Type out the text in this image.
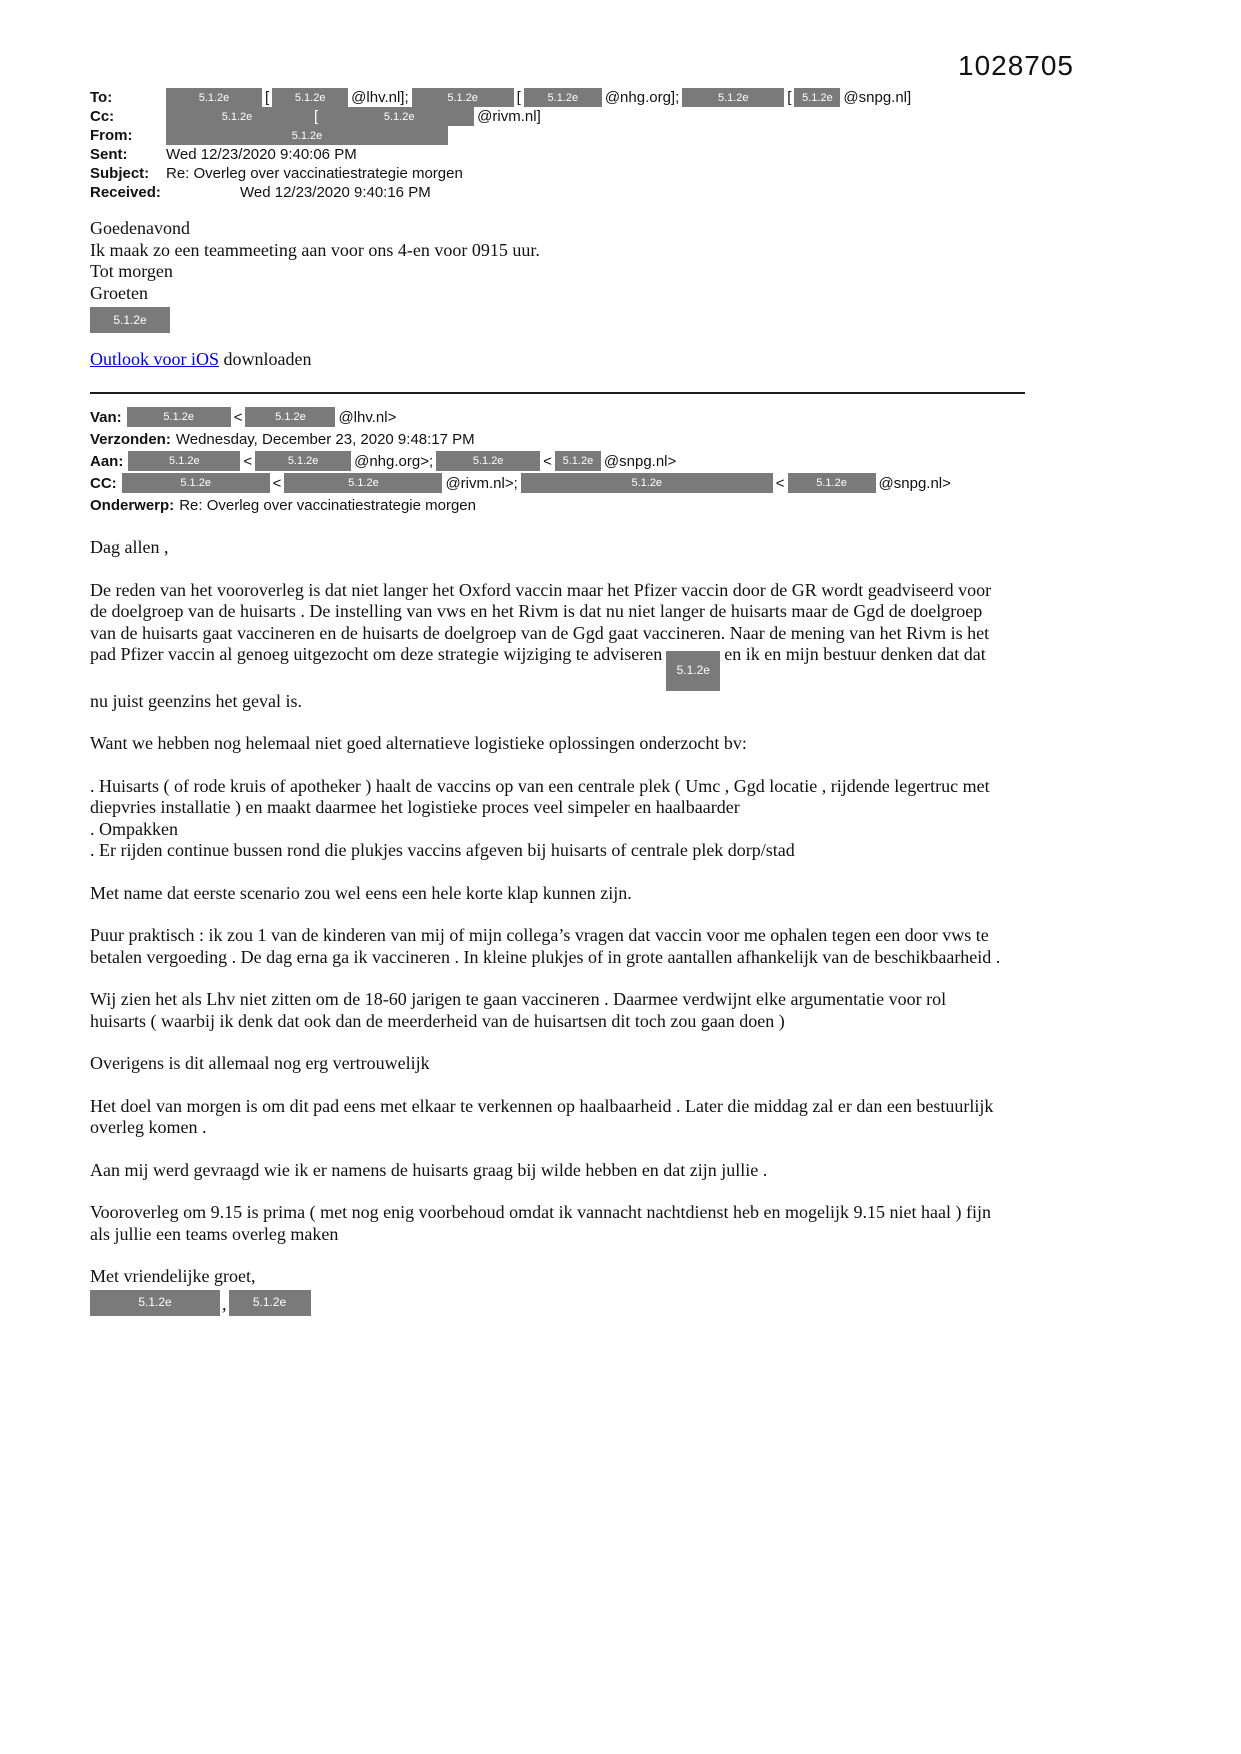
1028705
To:	5.1.2e	[	5.1.2e	@lhv.nl];	5.1.2e	[	5.1.2e	@nhg.org];	5.1.2e	[ 5.1.2e @snpg.nl]
Cc:	5.1.2e	[	5.1.2e	@rivm.nl]
From:	5.1.2e
Sent:	Wed 12/23/2020 9:40:06 PM
Subject:	Re: Overleg over vaccinatiestrategie morgen
Received:	Wed 12/23/2020 9:40:16 PM
Goedenavond
Ik maak zo een teammeeting aan voor ons 4-en voor 0915 uur.
Tot morgen
Groeten
5.1.2e
Outlook voor iOS downloaden
Van:	5.1.2e	<	5.1.2e	@lhv.nl>
Verzonden: Wednesday, December 23, 2020 9:48:17 PM
Aan:	5.1.2e	<	5.1.2e	@nhg.org>;	5.1.2e	< 5.1.2e @snpg.nl>
CC:	5.1.2e	<	5.1.2e	@rivm.nl>;	5.1.2e	<	5.1.2e	@snpg.nl>
Onderwerp: Re: Overleg over vaccinatiestrategie morgen

Dag allen ,

De reden van het vooroverleg is dat niet langer het Oxford vaccin maar het Pfizer vaccin door de GR wordt geadviseerd voor de doelgroep van de huisarts . De instelling van vws en het Rivm is dat nu niet langer de huisarts maar de Ggd de doelgroep van de huisarts gaat vaccineren en de huisarts de doelgroep van de Ggd gaat vaccineren. Naar de mening van het Rivm is het pad Pfizer vaccin al genoeg uitgezocht om deze strategie wijziging te adviseren5.1.2een ik en mijn bestuur denken dat dat nu juist geenzins het geval is.

Want we hebben nog helemaal niet goed alternatieve logistieke oplossingen onderzocht bv:

. Huisarts ( of rode kruis of apotheker ) haalt de vaccins op van een centrale plek ( Umc , Ggd locatie , rijdende legertruc met diepvries installatie ) en maakt daarmee het logistieke proces veel simpeler en haalbaarder

. Ompakken

. Er rijden continue bussen rond die plukjes vaccins afgeven bij huisarts of centrale plek dorp/stad

Met name dat eerste scenario zou wel eens een hele korte klap kunnen zijn.

Puur praktisch : ik zou 1 van de kinderen van mij of mijn collega’s vragen dat vaccin voor me ophalen tegen een door vws te betalen vergoeding . De dag erna ga ik vaccineren . In kleine plukjes of in grote aantallen afhankelijk van de beschikbaarheid .

Wij zien het als Lhv niet zitten om de 18-60 jarigen te gaan vaccineren . Daarmee verdwijnt elke argumentatie voor rol huisarts ( waarbij ik denk dat ook dan de meerderheid van de huisartsen dit toch zou gaan doen )

Overigens is dit allemaal nog erg vertrouwelijk

Het doel van morgen is om dit pad eens met elkaar te verkennen op haalbaarheid . Later die middag zal er dan een bestuurlijk overleg komen .

Aan mij werd gevraagd wie ik er namens de huisarts graag bij wilde hebben en dat zijn jullie .

Vooroverleg om 9.15 is prima ( met nog enig voorbehoud omdat ik vannacht nachtdienst heb en mogelijk 9.15 niet haal ) fijn als jullie een teams overleg maken

Met vriendelijke groet,

5.1.2e	,	5.1.2e
